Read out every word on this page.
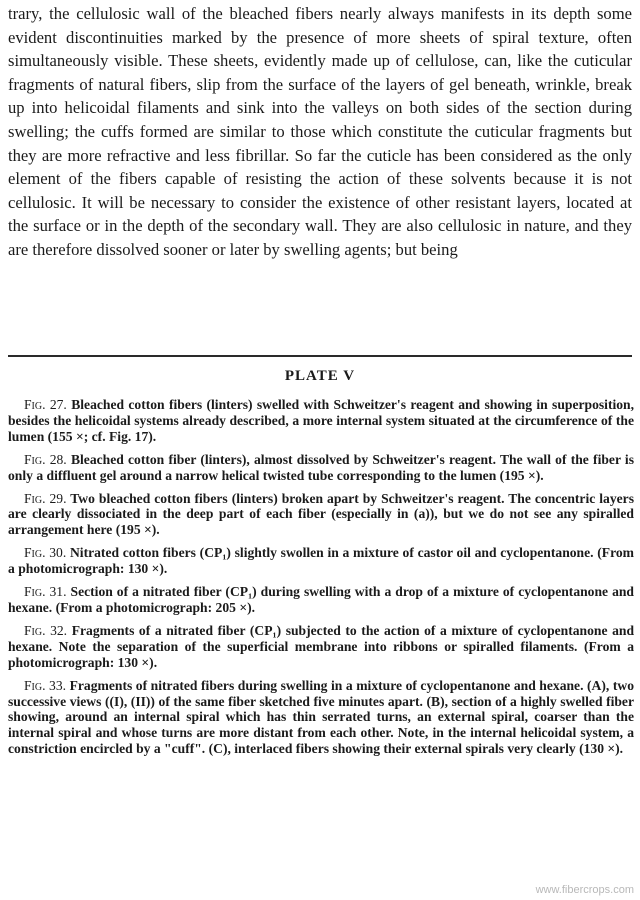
trary, the cellulosic wall of the bleached fibers nearly always manifests in its depth some evident discontinuities marked by the presence of more sheets of spiral texture, often simultaneously visible. These sheets, evidently made up of cellulose, can, like the cuticular fragments of natural fibers, slip from the surface of the layers of gel beneath, wrinkle, break up into helicoidal filaments and sink into the valleys on both sides of the section during swelling; the cuffs formed are similar to those which constitute the cuticular fragments but they are more refractive and less fibrillar. So far the cuticle has been considered as the only element of the fibers capable of resisting the action of these solvents because it is not cellulosic. It will be necessary to consider the existence of other resistant layers, located at the surface or in the depth of the secondary wall. They are also cellulosic in nature, and they are therefore dissolved sooner or later by swelling agents; but being

PLATE V

Fig. 27. Bleached cotton fibers (linters) swelled with Schweitzer's reagent and showing in superposition, besides the helicoidal systems already described, a more internal system situated at the circumference of the lumen (155 ×; cf. Fig. 17).

Fig. 28. Bleached cotton fiber (linters), almost dissolved by Schweitzer's reagent. The wall of the fiber is only a diffluent gel around a narrow helical twisted tube corresponding to the lumen (195 ×).

Fig. 29. Two bleached cotton fibers (linters) broken apart by Schweitzer's reagent. The concentric layers are clearly dissociated in the deep part of each fiber (especially in (a)), but we do not see any spiralled arrangement here (195 ×).

Fig. 30. Nitrated cotton fibers (CP₁) slightly swollen in a mixture of castor oil and cyclopentanone. (From a photomicrograph: 130 ×).

Fig. 31. Section of a nitrated fiber (CP₁) during swelling with a drop of a mixture of cyclopentanone and hexane. (From a photomicrograph: 205 ×).

Fig. 32. Fragments of a nitrated fiber (CP₁) subjected to the action of a mixture of cyclopentanone and hexane. Note the separation of the superficial membrane into ribbons or spiralled filaments. (From a photomicrograph: 130 ×).

Fig. 33. Fragments of nitrated fibers during swelling in a mixture of cyclopentanone and hexane. (A), two successive views ((I), (II)) of the same fiber sketched five minutes apart. (B), section of a highly swelled fiber showing, around an internal spiral which has thin serrated turns, an external spiral, coarser than the internal spiral and whose turns are more distant from each other. Note, in the internal helicoidal system, a constriction encircled by a "cuff". (C), interlaced fibers showing their external spirals very clearly (130 ×).

www.fibercrops.com
